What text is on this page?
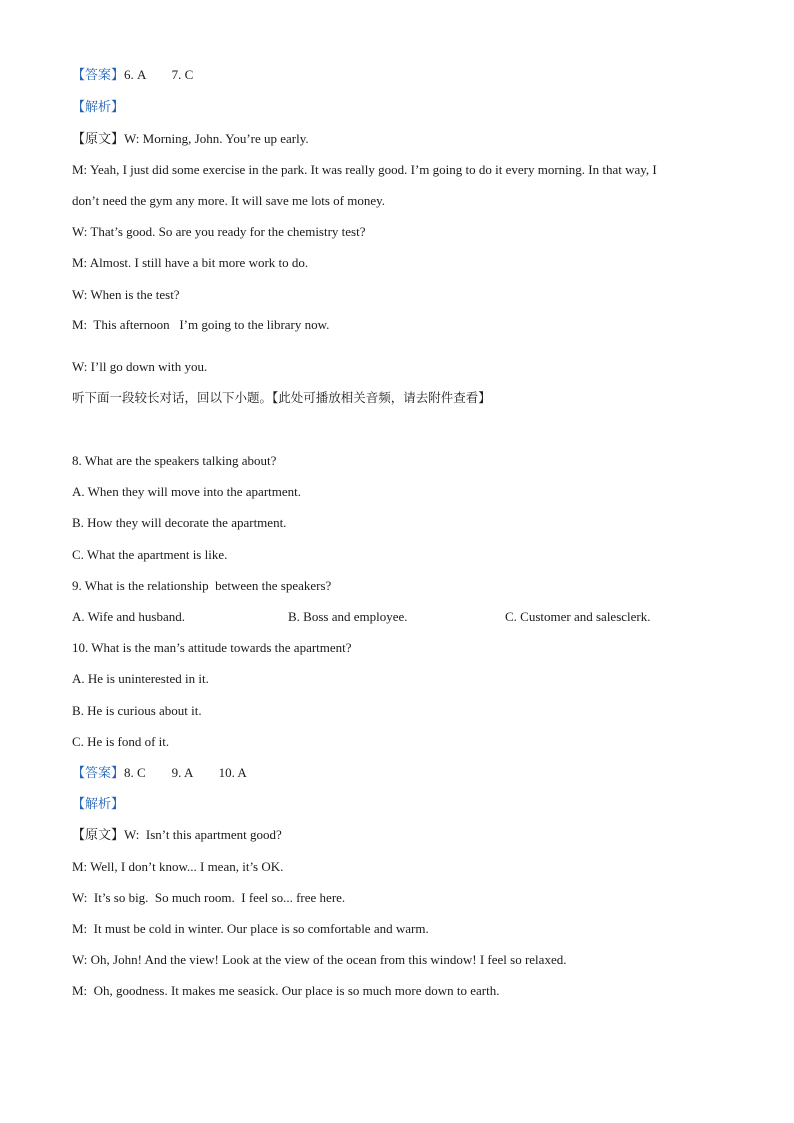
【答案】6. A        7. C
【解析】
【原文】W: Morning, John. You’re up early.
M: Yeah, I just did some exercise in the park. It was really good. I’m going to do it every morning. In that way, I
don’t need the gym any more. It will save me lots of money.
W: That’s good. So are you ready for the chemistry test?
M: Almost. I still have a bit more work to do.
W: When is the test?
M:  This afternoon   I’m going to the library now.
W: I’ll go down with you.
听下面一段较长对话，回以下小题。【此处可播放相关音频，请去附件查看】
8. What are the speakers talking about?
A. When they will move into the apartment.
B. How they will decorate the apartment.
C. What the apartment is like.
9. What is the relationship  between the speakers?
A. Wife and husband.	B. Boss and employee.	C. Customer and salesclerk.
10. What is the man’s attitude towards the apartment?
A. He is uninterested in it.
B. He is curious about it.
C. He is fond of it.
【答案】8. C        9. A        10. A
【解析】
【原文】W:  Isn’t this apartment good?
M: Well, I don’t know... I mean, it’s OK.
W:  It’s so big.  So much room.  I feel so... free here.
M:  It must be cold in winter. Our place is so comfortable and warm.
W: Oh, John! And the view! Look at the view of the ocean from this window! I feel so relaxed.
M:  Oh, goodness. It makes me seasick. Our place is so much more down to earth.
